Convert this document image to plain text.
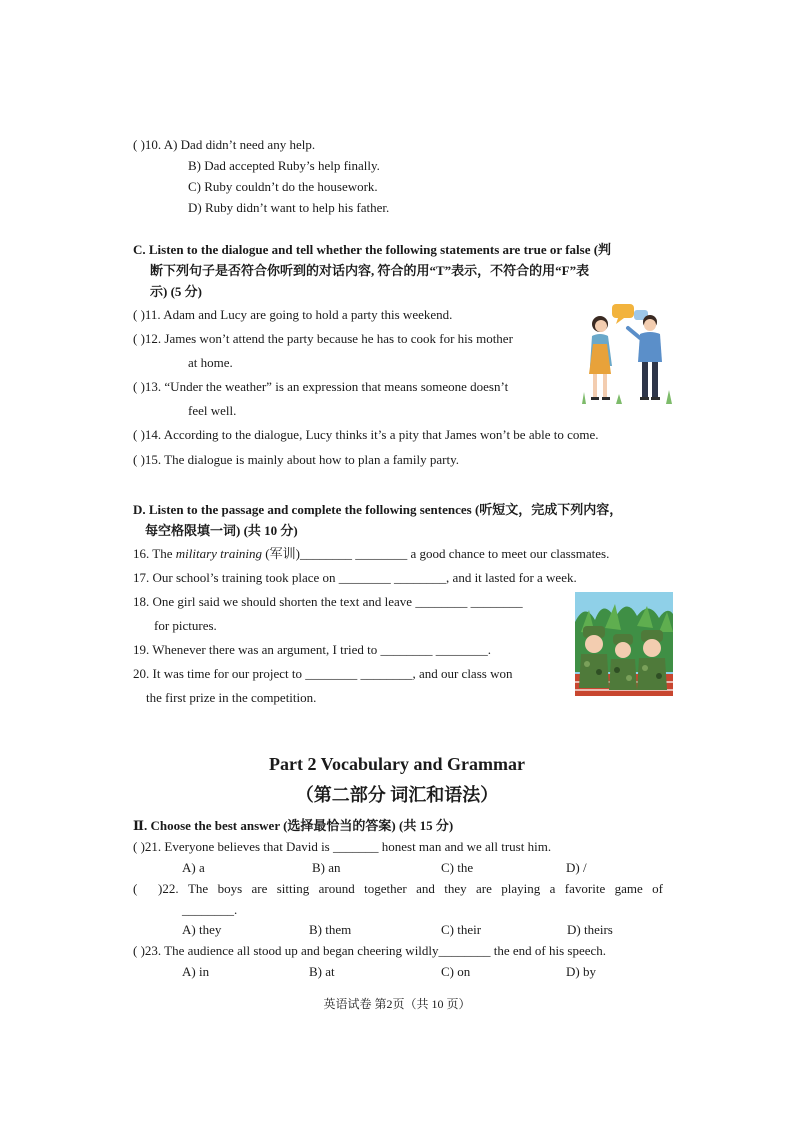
( )10. A) Dad didn’t need any help.
B) Dad accepted Ruby’s help finally.
C) Ruby couldn’t do the housework.
D) Ruby didn’t want to help his father.
C. Listen to the dialogue and tell whether the following statements are true or false (判
断下列句子是否符合你听到的对话内容, 符合的用“T”表示，不符合的用“F”表
示) (5 分)
( )11. Adam and Lucy are going to hold a party this weekend.
( )12. James won’t attend the party because he has to cook for his mother
at home.
( )13. “Under the weather” is an expression that means someone doesn’t
feel well.
( )14. According to the dialogue, Lucy thinks it’s a pity that James won’t be able to come.
( )15. The dialogue is mainly about how to plan a family party.
D. Listen to the passage and complete the following sentences (听短文，完成下列内容，
每空格限填一词) (共 10 分)
16. The military training (军训)________ ________ a good chance to meet our classmates.
17. Our school’s training took place on ________ ________, and it lasted for a week.
18. One girl said we should shorten the text and leave ________ ________
for pictures.
19. Whenever there was an argument, I tried to ________ ________.
20. It was time for our project to ________ ________, and our class won
the first prize in the competition.
Part 2 Vocabulary and Grammar
（第二部分 词汇和语法）
Ⅱ. Choose the best answer (选择最恰当的答案) (共 15 分)
( )21. Everyone believes that David is _______ honest man and we all trust him.
A) a	B) an	C) the	D) /
( )22. The boys are sitting around together and they are playing a favorite game of
________.
A) they	B) them	C) their	D) theirs
( )23. The audience all stood up and began cheering wildly________ the end of his speech.
A) in	B) at	C) on	D) by
英语试卷 第2页（共 10 页）
